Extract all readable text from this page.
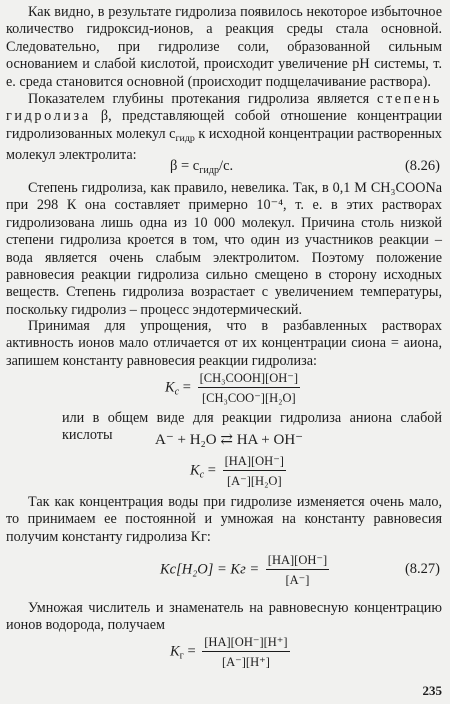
Как видно, в результате гидролиза появилось некоторое избыточное количество гидроксид-ионов, а реакция среды стала основной. Следовательно, при гидролизе соли, образованной сильным основанием и слабой кислотой, происходит увеличение pH системы, т. е. среда становится основной (происходит подщелачивание раствора).

Показателем глубины протекания гидролиза является степень гидролиза β, представляющей собой отношение концентрации гидролизованных молекул $c_{гидр}$ к исходной концентрации растворенных молекул электролита:

$\beta = c_{гидр}/c$.	(8.26)

Степень гидролиза, как правило, невелика. Так, в 0,1 М CH₃COONa при 298 К она составляет примерно 10⁻⁴, т. е. в этих растворах гидролизована лишь одна из 10 000 молекул. Причина столь низкой степени гидролиза кроется в том, что один из участников реакции – вода является очень слабым электролитом. Поэтому положение равновесия реакции гидролиза сильно смещено в сторону исходных веществ. Степень гидролиза возрастает с увеличением температуры, поскольку гидролиз – процесс эндотермический.

Принимая для упрощения, что в разбавленных растворах активность ионов мало отличается от их концентрации cиона = aиона, запишем константу равновесия реакции гидролиза:

$K_c = \frac{\text{[CH₃COOH][OH⁻]}}{\text{[CH₃COO⁻][H₂O]}}$

или в общем виде для реакции гидролиза аниона слабой кислоты	A⁻ + H₂O ⇄ HA + OH⁻
$K_c = \frac{[HA][OH^-]}{\text{[A⁻][H₂O]}}$

Так как концентрация воды при гидролизе изменяется очень мало, то принимаем ее постоянной и умножая на константу равновесия получим константу гидролиза Kг:

Kc[H₂O] = Kг = $\frac{[HA][OH^-]}{[A^-]}$	(8.27)

Умножая числитель и знаменатель на равновесную концентрацию ионов водорода, получаем

$K_г = \frac{[HA][OH^-][H^+]}{[A^-][H^+]}$
235
